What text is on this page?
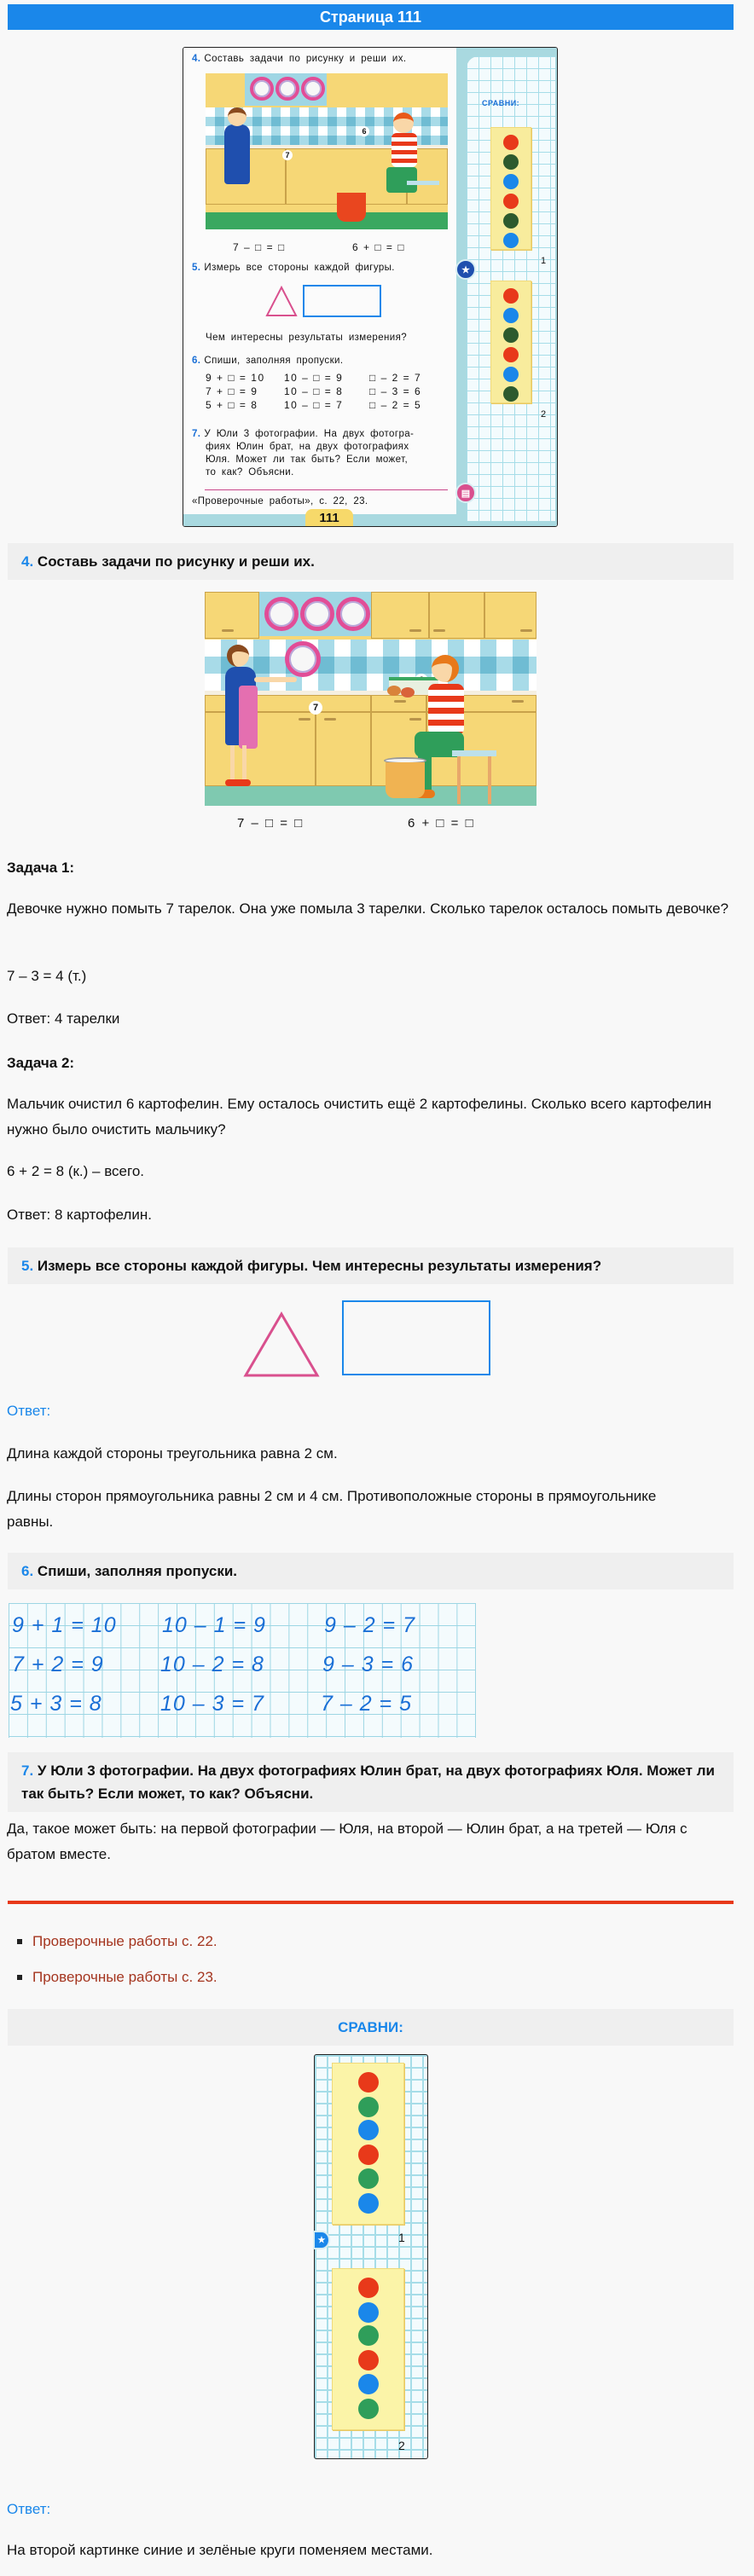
Страница 111
4. Составь задачи по рисунку и реши их.
7
6
7 – □ = □	6 + □ = □
5. Измерь все стороны каждой фигуры.
Чем интересны результаты измерения?
6. Спиши, заполняя пропуски.
9 + □ = 10 10 – □ = 9	□ – 2 = 7
7 + □ = 9	10 – □ = 8	□ – 3 = 6
5 + □ = 8	10 – □ = 7	□ – 2 = 5
7. У Юли 3 фотографии. На двух фотогра-
фиях Юлин брат, на двух фотографиях
Юля. Может ли так быть? Если может,
то как? Объясни.
«Проверочные работы», с. 22, 23.
111
СРАВНИ:
1
★
2
▤
4. Составь задачи по рисунку и реши их.
7
7 – □ = □	6 + □ = □
Задача 1:
Девочке нужно помыть 7 тарелок. Она уже помыла 3 тарелки. Сколько тарелок осталось помыть девочке?
7 – 3 = 4 (т.)
Ответ: 4 тарелки
Задача 2:
Мальчик очистил 6 картофелин. Ему осталось очистить ещё 2 картофелины. Сколько всего картофелин нужно было очистить мальчику?
6 + 2 = 8 (к.) – всего.
Ответ: 8 картофелин.
5. Измерь все стороны каждой фигуры. Чем интересны результаты измерения?
Ответ:
Длина каждой стороны треугольника равна 2 см.
Длины сторон прямоугольника равны 2 см и 4 см. Противоположные стороны в прямоугольнике равны.
6. Спиши, заполняя пропуски.
9 + 1 = 10 10 – 1 = 9	9 – 2 = 7
7 + 2 = 9	10 – 2 = 8	9 – 3 = 6
5 + 3 = 8	10 – 3 = 7	7 – 2 = 5
7. У Юли 3 фотографии. На двух фотографиях Юлин брат, на двух фотографиях Юля. Может ли так быть? Если может, то как? Объясни.
Да, такое может быть: на первой фотографии — Юля, на второй — Юлин брат, а на третей — Юля с братом вместе.
Проверочные работы с. 22.
Проверочные работы с. 23.
СРАВНИ:
1
★
2
Ответ:
На второй картинке синие и зелёные круги поменяем местами.
